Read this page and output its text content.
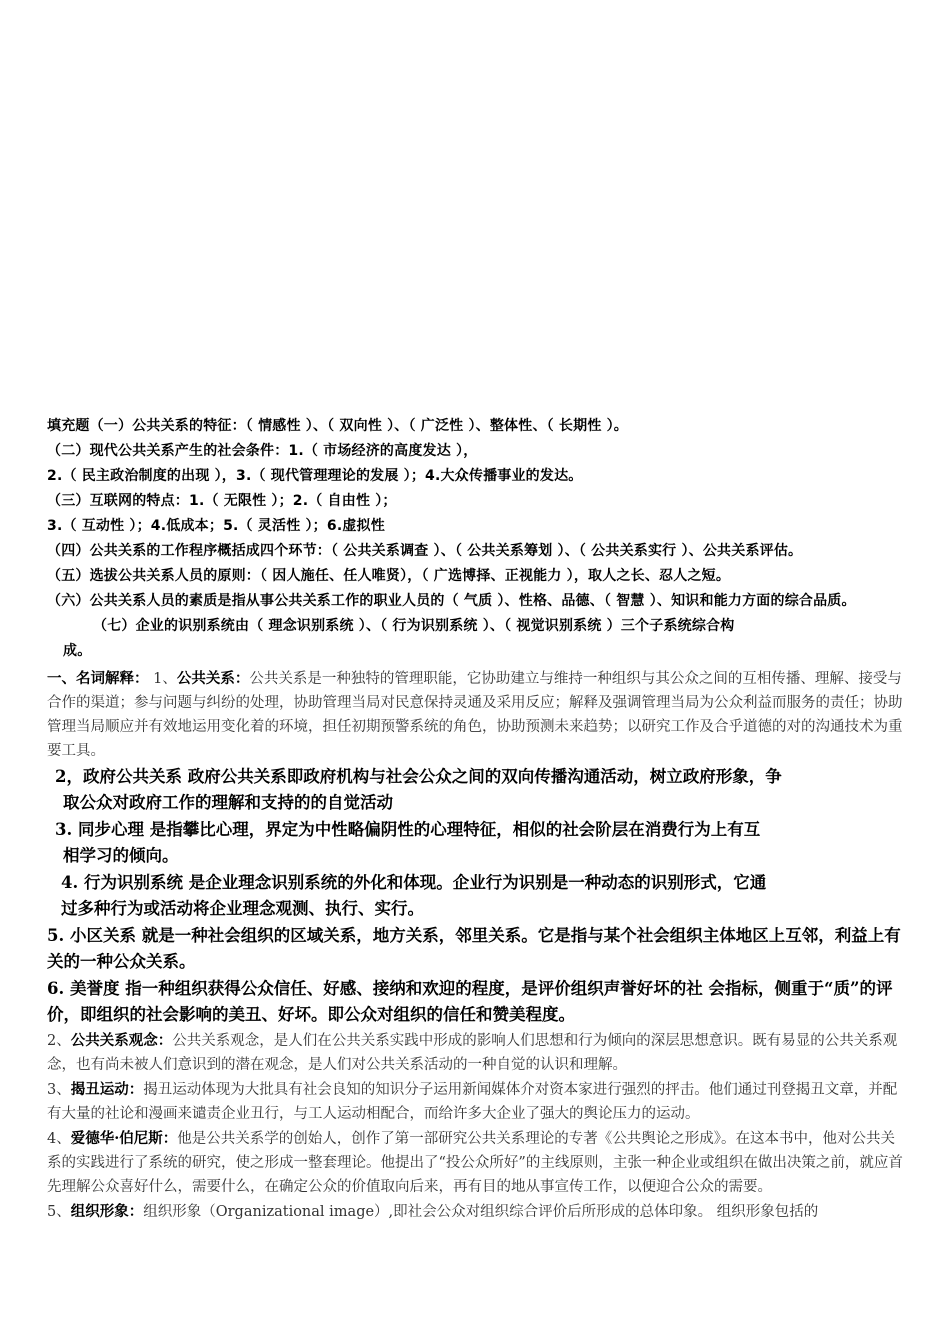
填充题（一）公共关系的特征：（ 情感性 ）、（ 双向性 ）、（ 广泛性 ）、整体性、（ 长期性 ）。
（二）现代公共关系产生的社会条件：1.（ 市场经济的高度发达 ），
2.（ 民主政治制度的出现 ），3.（ 现代管理理论的发展 ）；4.大众传播事业的发达。
（三）互联网的特点：1.（ 无限性 ）；2.（ 自由性 ）；
3.（ 互动性 ）；4.低成本；5.（ 灵活性 ）；6.虚拟性
（四）公共关系的工作程序概括成四个环节：（ 公共关系调查 ）、（ 公共关系筹划 ）、（ 公共关系实行 ）、公共关系评估。
（五）选拔公共关系人员的原则：（ 因人施任、任人唯贤），（ 广选博择、正视能力 ），取人之长、忍人之短。
（六）公共关系人员的素质是指从事公共关系工作的职业人员的（ 气质 ）、性格、品德、（ 智慧 ）、知识和能力方面的综合品质。
（七）企业的识别系统由（ 理念识别系统 ）、（ 行为识别系统 ）、（ 视觉识别系统 ）三个子系统综合构
成。
一、名词解释： 1、公共关系：公共关系是一种独特的管理职能，它协助建立与维持一种组织与其公众之间的互相传播、理解、接受与合作的渠道；参与问题与纠纷的处理，协助管理当局对民意保持灵通及采用反应；解释及强调管理当局为公众利益而服务的责任；协助管理当局顺应并有效地运用变化着的环境，担任初期预警系统的角色，协助预测未来趋势；以研究工作及合乎道德的对的沟通技术为重要工具。
2，政府公共关系 政府公共关系即政府机构与社会公众之间的双向传播沟通活动，树立政府形象，争
取公众对政府工作的理解和支持的的自觉活动
3. 同步心理 是指攀比心理，界定为中性略偏阴性的心理特征，相似的社会阶层在消费行为上有互
相学习的倾向。
4. 行为识别系统 是企业理念识别系统的外化和体现。企业行为识别是一种动态的识别形式，它通
过多种行为或活动将企业理念观测、执行、实行。
5. 小区关系 就是一种社会组织的区域关系，地方关系，邻里关系。它是指与某个社会组织主体地区上互邻，利益上有关的一种公众关系。
6. 美誉度 指一种组织获得公众信任、好感、接纳和欢迎的程度，是评价组织声誉好坏的社 会指标，侧重于“质”的评价，即组织的社会影响的美丑、好坏。即公众对组织的信任和赞美程度。
2、公共关系观念：公共关系观念，是人们在公共关系实践中形成的影响人们思想和行为倾向的深层思想意识。既有易显的公共关系观念，也有尚未被人们意识到的潜在观念，是人们对公共关系活动的一种自觉的认识和理解。
3、揭丑运动：揭丑运动体现为大批具有社会良知的知识分子运用新闻媒体介对资本家进行强烈的抨击。他们通过刊登揭丑文章，并配有大量的社论和漫画来谴责企业丑行，与工人运动相配合，而给许多大企业了强大的舆论压力的运动。
4、爱德华·伯尼斯：他是公共关系学的创始人，创作了第一部研究公共关系理论的专著《公共舆论之形成》。在这本书中，他对公共关系的实践进行了系统的研究，使之形成一整套理论。他提出了“投公众所好”的主线原则，主张一种企业或组织在做出决策之前，就应首先理解公众喜好什么，需要什么，在确定公众的价值取向后来，再有目的地从事宣传工作，以便迎合公众的需要。
5、组织形象：组织形象（Organizational image）,即社会公众对组织综合评价后所形成的总体印象。 组织形象包括的
